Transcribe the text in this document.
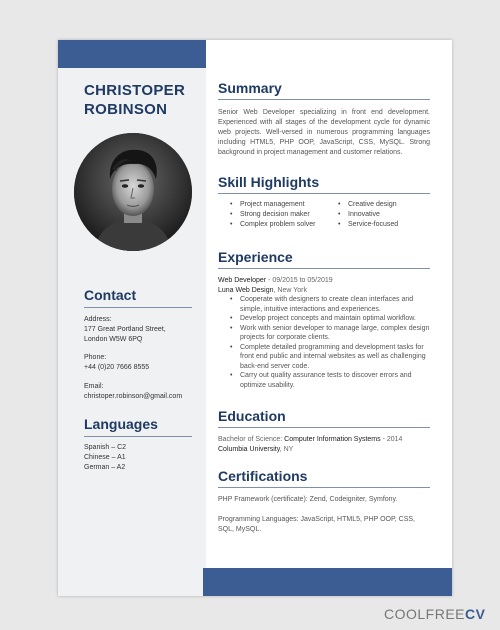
CHRISTOPER
ROBINSON
Contact
Address:
177 Great Portland Street,
London W5W 6PQ
Phone:
+44 (0)20 7666 8555
Email:
christoper.robinson@gmail.com
Languages
Spanish – C2
Chinese – A1
German – A2
Summary
Senior Web Developer specializing in front end development. Experienced with all stages of the development cycle for dynamic web projects. Well-versed in numerous programming languages including HTML5, PHP OOP, JavaScript, CSS, MySQL. Strong background in project management and customer relations.
Skill Highlights
• Project management
• Strong decision maker
• Complex problem solver
• Creative design
• Innovative
• Service-focused
Experience
Web Developer - 09/2015 to 05/2019
Luna Web Design, New York
• Cooperate with designers to create clean interfaces and simple, intuitive interactions and experiences.
• Develop project concepts and maintain optimal workflow.
• Work with senior developer to manage large, complex design projects for corporate clients.
• Complete detailed programming and development tasks for front end public and internal websites as well as challenging back-end server code.
• Carry out quality assurance tests to discover errors and optimize usability.
Education
Bachelor of Science: Computer Information Systems - 2014
Columbia University, NY
Certifications
PHP Framework (certificate): Zend, Codeigniter, Symfony.
Programming Languages: JavaScript, HTML5, PHP OOP, CSS, SQL, MySQL.
COOLFREECV
